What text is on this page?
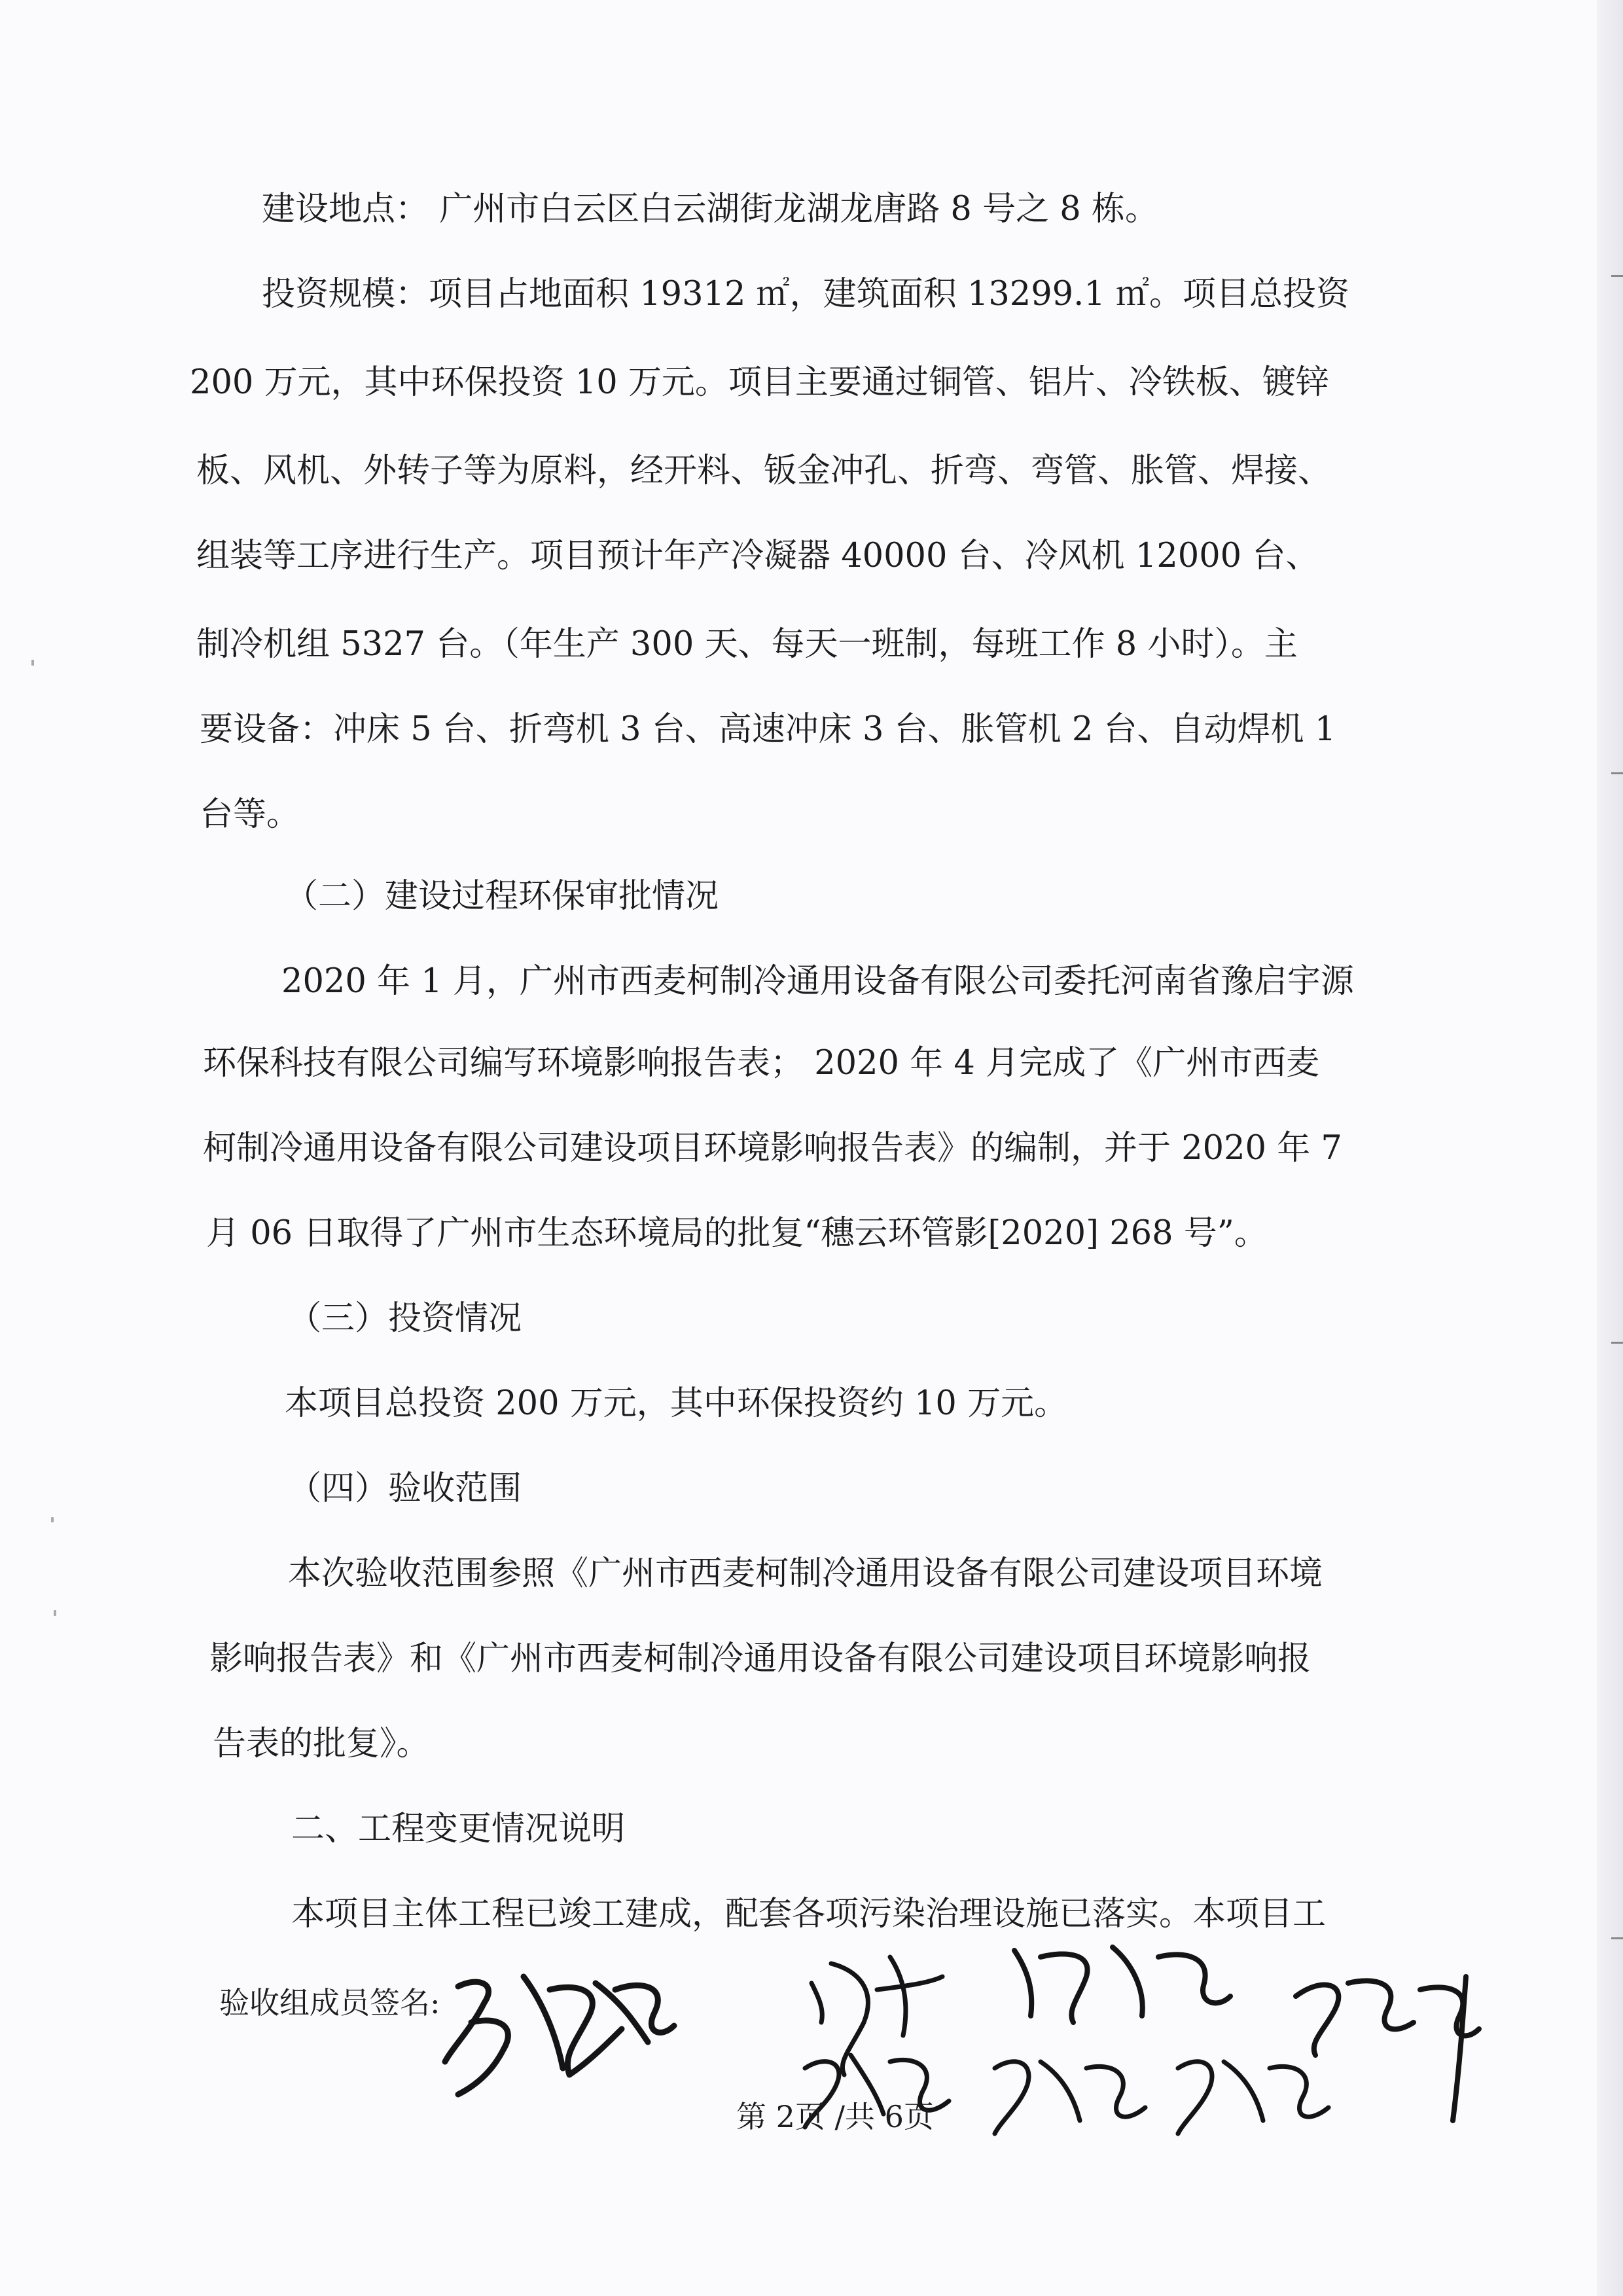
建设地点： 广州市白云区白云湖街龙湖龙唐路 8 号之 8 栋。
投资规模：项目占地面积 19312 ㎡，建筑面积 13299.1 ㎡。项目总投资
200 万元，其中环保投资 10 万元。项目主要通过铜管、铝片、冷铁板、镀锌
板、风机、外转子等为原料，经开料、钣金冲孔、折弯、弯管、胀管、焊接、
组装等工序进行生产。项目预计年产冷凝器 40000 台、冷风机 12000 台、
制冷机组 5327 台。（年生产 300 天、每天一班制，每班工作 8 小时）。主
要设备：冲床 5 台、折弯机 3 台、高速冲床 3 台、胀管机 2 台、自动焊机 1
台等。
（二）建设过程环保审批情况
2020 年 1 月，广州市西麦柯制冷通用设备有限公司委托河南省豫启宇源
环保科技有限公司编写环境影响报告表； 2020 年 4 月完成了《广州市西麦
柯制冷通用设备有限公司建设项目环境影响报告表》的编制，并于 2020 年 7
月 06 日取得了广州市生态环境局的批复“穗云环管影[2020] 268 号”。
（三）投资情况
本项目总投资 200 万元，其中环保投资约 10 万元。
（四）验收范围
本次验收范围参照《广州市西麦柯制冷通用设备有限公司建设项目环境
影响报告表》和《广州市西麦柯制冷通用设备有限公司建设项目环境影响报
告表的批复》。
二、工程变更情况说明
本项目主体工程已竣工建成，配套各项污染治理设施已落实。本项目工
验收组成员签名:
第 2页 /共 6页
